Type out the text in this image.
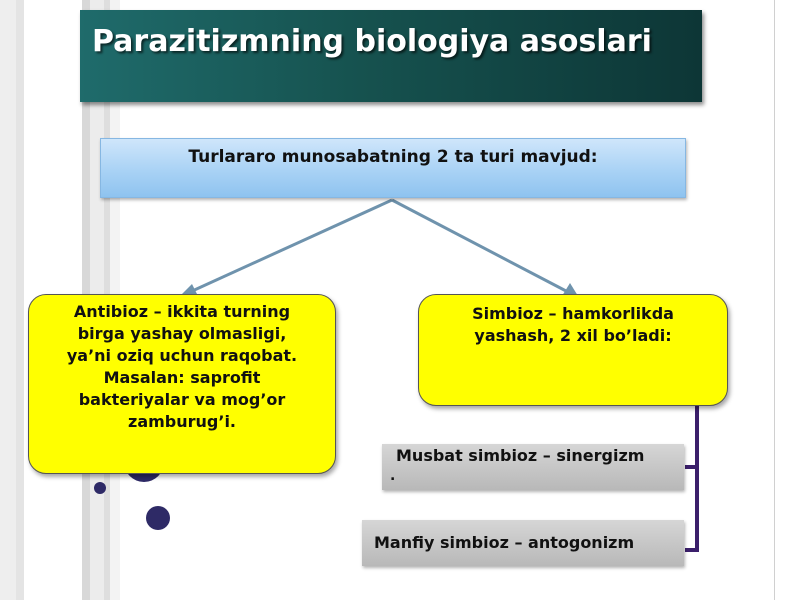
Parazitizmning biologiya asoslari
Turlararo munosabatning 2 ta turi mavjud:
Antibioz – ikkita turning
birga yashay olmasligi,
ya’ni oziq uchun raqobat.
Masalan: saprofit
bakteriyalar va mog’or
zamburug’i.
Simbioz – hamkorlikda
yashash, 2 xil bo’ladi:
Musbat simbioz – sinergizm
.
Manfiy simbioz – antogonizm
